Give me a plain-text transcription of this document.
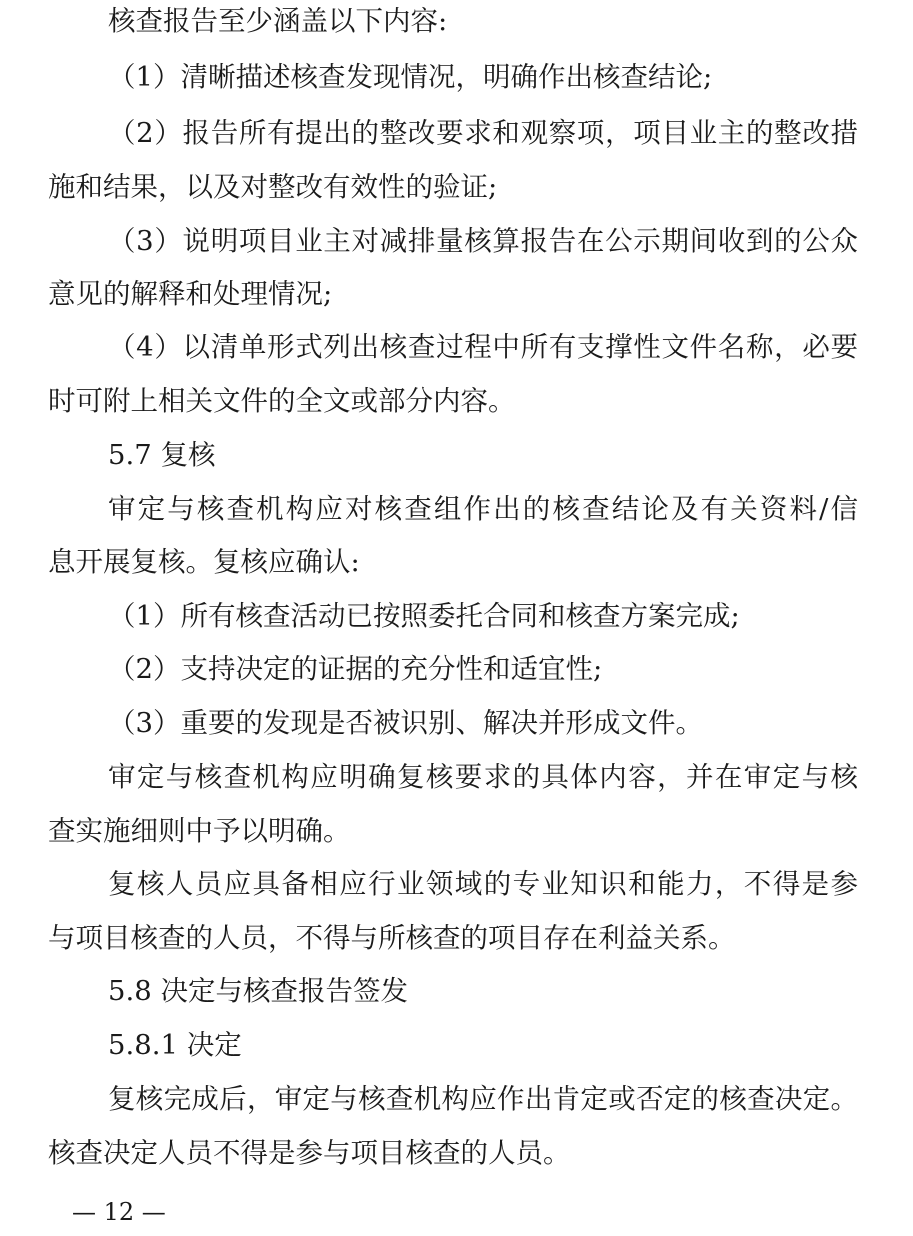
核查报告至少涵盖以下内容:
（1）清晰描述核查发现情况，明确作出核查结论;
（2）报告所有提出的整改要求和观察项，项目业主的整改措
施和结果，以及对整改有效性的验证;
（3）说明项目业主对减排量核算报告在公示期间收到的公众
意见的解释和处理情况;
（4）以清单形式列出核查过程中所有支撑性文件名称，必要
时可附上相关文件的全文或部分内容。
5.7 复核
审定与核查机构应对核查组作出的核查结论及有关资料/信
息开展复核。复核应确认:
（1）所有核查活动已按照委托合同和核查方案完成;
（2）支持决定的证据的充分性和适宜性;
（3）重要的发现是否被识别、解决并形成文件。
审定与核查机构应明确复核要求的具体内容，并在审定与核
查实施细则中予以明确。
复核人员应具备相应行业领域的专业知识和能力，不得是参
与项目核查的人员，不得与所核查的项目存在利益关系。
5.8 决定与核查报告签发
5.8.1 决定
复核完成后，审定与核查机构应作出肯定或否定的核查决定。
核查决定人员不得是参与项目核查的人员。
— 12 —
